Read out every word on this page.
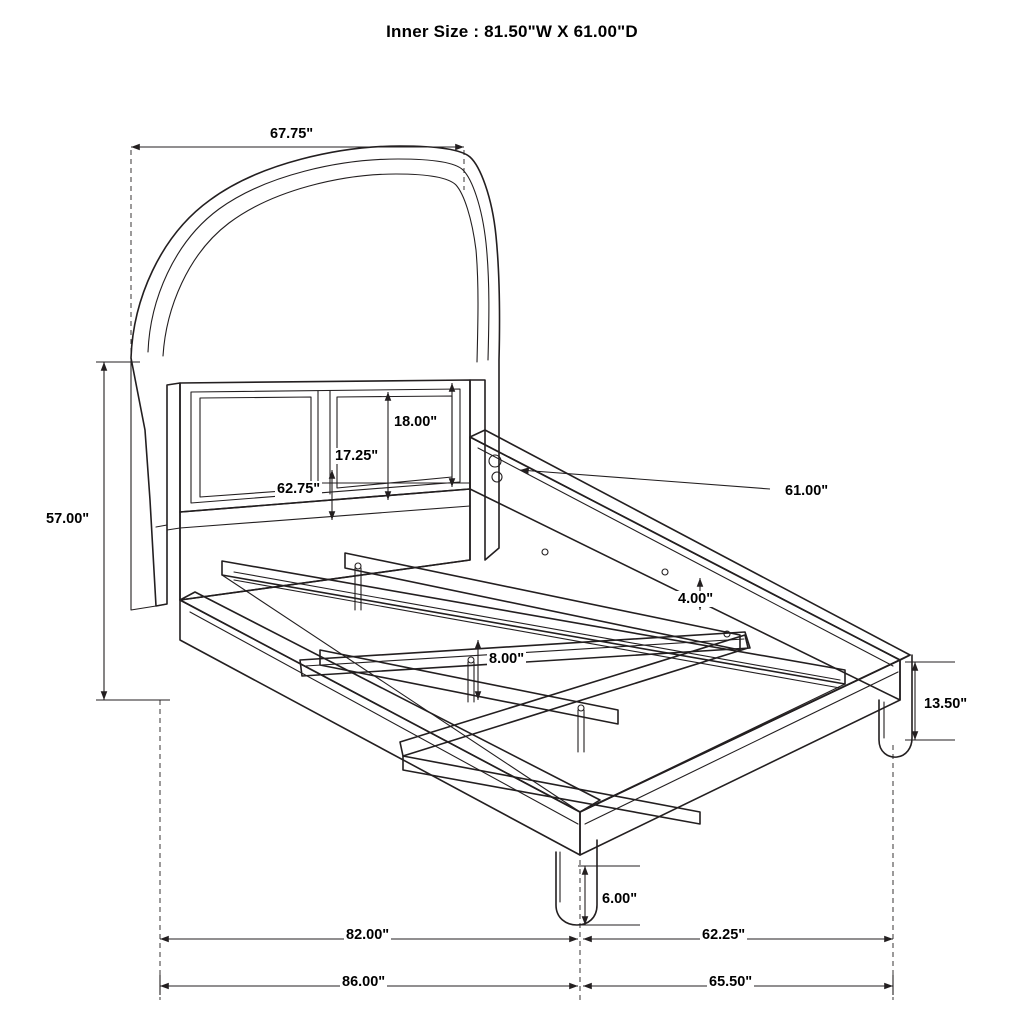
Inner Size : 81.50"W X 61.00"D
67.75"
57.00"
18.00"
17.25"
62.75"	61.00"
4.00"
8.00"
13.50"
6.00"
82.00"	62.25"
86.00"	65.50"
